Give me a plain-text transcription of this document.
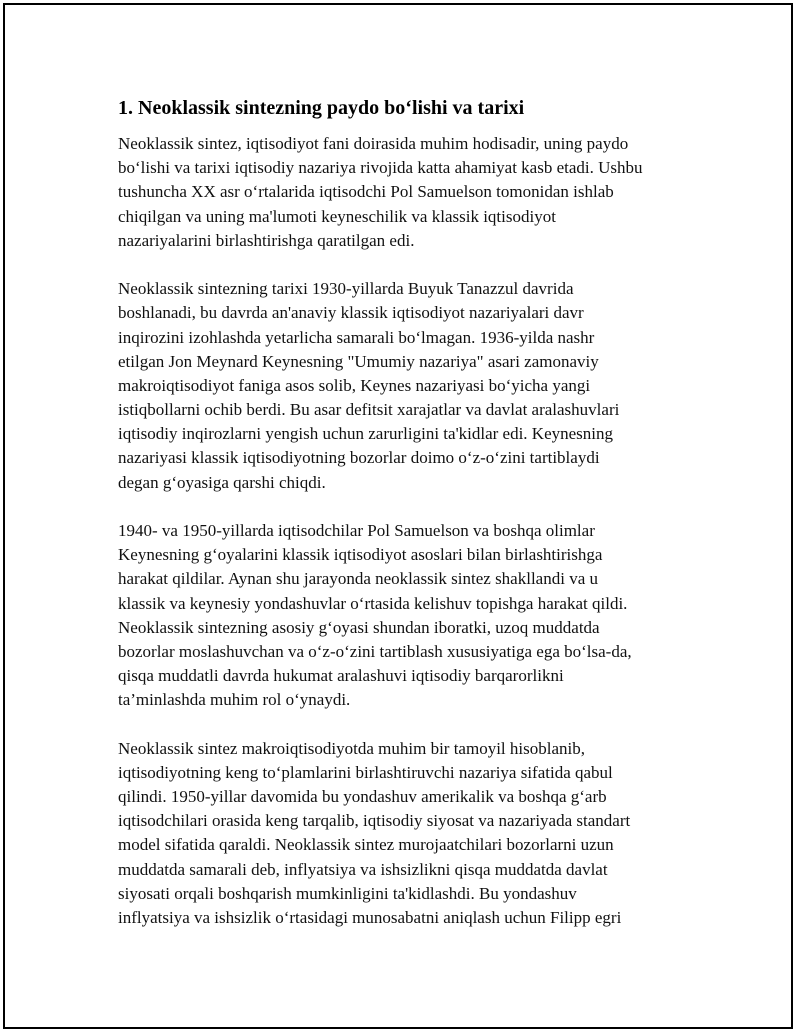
1. Neoklassik sintezning paydo bo‘lishi va tarixi
Neoklassik sintez, iqtisodiyot fani doirasida muhim hodisadir, uning paydo
bo‘lishi va tarixi iqtisodiy nazariya rivojida katta ahamiyat kasb etadi. Ushbu
tushuncha XX asr o‘rtalarida iqtisodchi Pol Samuelson tomonidan ishlab
chiqilgan va uning ma'lumoti keyneschilik va klassik iqtisodiyot
nazariyalarini birlashtirishga qaratilgan edi.
Neoklassik sintezning tarixi 1930-yillarda Buyuk Tanazzul davrida
boshlanadi, bu davrda an'anaviy klassik iqtisodiyot nazariyalari davr
inqirozini izohlashda yetarlicha samarali bo‘lmagan. 1936-yilda nashr
etilgan Jon Meynard Keynesning "Umumiy nazariya" asari zamonaviy
makroiqtisodiyot faniga asos solib, Keynes nazariyasi bo‘yicha yangi
istiqbollarni ochib berdi. Bu asar defitsit xarajatlar va davlat aralashuvlari
iqtisodiy inqirozlarni yengish uchun zarurligini ta'kidlar edi. Keynesning
nazariyasi klassik iqtisodiyotning bozorlar doimo o‘z-o‘zini tartiblaydi
degan g‘oyasiga qarshi chiqdi.
1940- va 1950-yillarda iqtisodchilar Pol Samuelson va boshqa olimlar
Keynesning g‘oyalarini klassik iqtisodiyot asoslari bilan birlashtirishga
harakat qildilar. Aynan shu jarayonda neoklassik sintez shakllandi va u
klassik va keynesiy yondashuvlar o‘rtasida kelishuv topishga harakat qildi.
Neoklassik sintezning asosiy g‘oyasi shundan iboratki, uzoq muddatda
bozorlar moslashuvchan va o‘z-o‘zini tartiblash xususiyatiga ega bo‘lsa-da,
qisqa muddatli davrda hukumat aralashuvi iqtisodiy barqarorlikni
ta’minlashda muhim rol o‘ynaydi.
Neoklassik sintez makroiqtisodiyotda muhim bir tamoyil hisoblanib,
iqtisodiyotning keng to‘plamlarini birlashtiruvchi nazariya sifatida qabul
qilindi. 1950-yillar davomida bu yondashuv amerikalik va boshqa g‘arb
iqtisodchilari orasida keng tarqalib, iqtisodiy siyosat va nazariyada standart
model sifatida qaraldi. Neoklassik sintez murojaatchilari bozorlarni uzun
muddatda samarali deb, inflyatsiya va ishsizlikni qisqa muddatda davlat
siyosati orqali boshqarish mumkinligini ta'kidlashdi. Bu yondashuv
inflyatsiya va ishsizlik o‘rtasidagi munosabatni aniqlash uchun Filipp egri
